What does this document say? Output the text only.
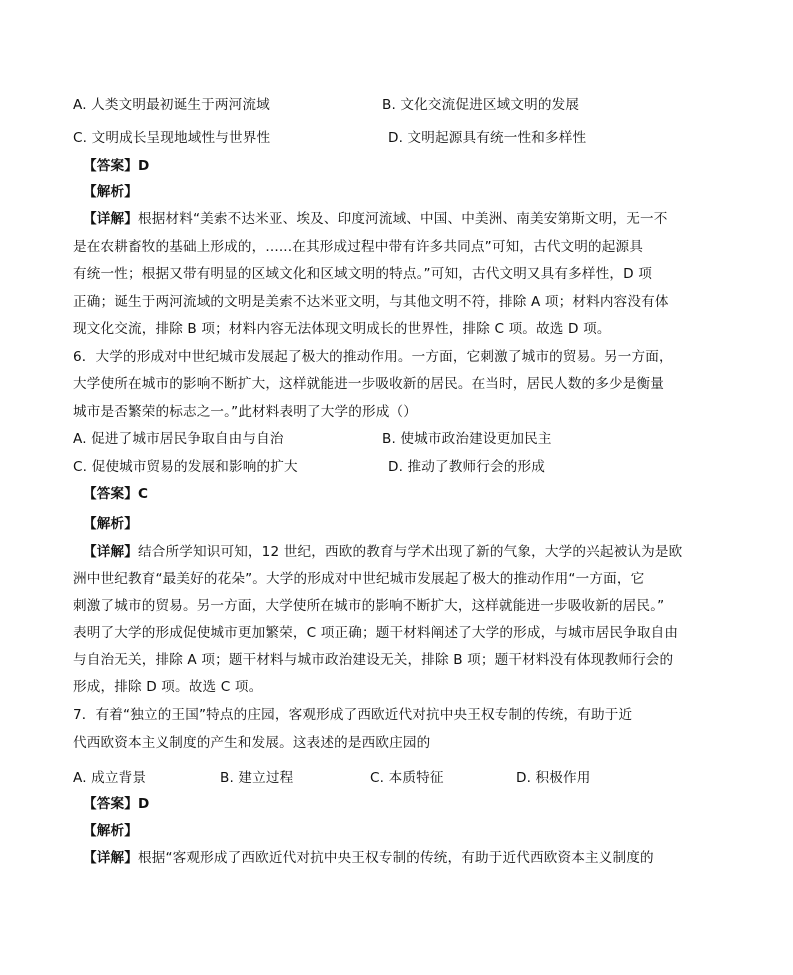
A. 人类文明最初诞生于两河流域	B. 文化交流促进区域文明的发展
C. 文明成长呈现地域性与世界性	D. 文明起源具有统一性和多样性
【答案】D
【解析】
【详解】根据材料“美索不达米亚、埃及、印度河流域、中国、中美洲、南美安第斯文明，无一不
是在农耕畜牧的基础上形成的，......在其形成过程中带有许多共同点”可知，古代文明的起源具
有统一性；根据又带有明显的区域文化和区域文明的特点。”可知，古代文明又具有多样性，D 项
正确；诞生于两河流域的文明是美索不达米亚文明，与其他文明不符，排除 A 项；材料内容没有体
现文化交流，排除 B 项；材料内容无法体现文明成长的世界性，排除 C 项。故选 D 项。
6．大学的形成对中世纪城市发展起了极大的推动作用。一方面，它刺激了城市的贸易。另一方面，
大学使所在城市的影响不断扩大，这样就能进一步吸收新的居民。在当时，居民人数的多少是衡量
城市是否繁荣的标志之一。”此材料表明了大学的形成（）
A. 促进了城市居民争取自由与自治	B. 使城市政治建设更加民主
C. 促使城市贸易的发展和影响的扩大	D. 推动了教师行会的形成
【答案】C
【解析】
【详解】结合所学知识可知，12 世纪，西欧的教育与学术出现了新的气象，大学的兴起被认为是欧
洲中世纪教育“最美好的花朵”。大学的形成对中世纪城市发展起了极大的推动作用“一方面，它
刺激了城市的贸易。另一方面，大学使所在城市的影响不断扩大，这样就能进一步吸收新的居民。”
表明了大学的形成促使城市更加繁荣，C 项正确；题干材料阐述了大学的形成，与城市居民争取自由
与自治无关，排除 A 项；题干材料与城市政治建设无关，排除 B 项；题干材料没有体现教师行会的
形成，排除 D 项。故选 C 项。
7．有着“独立的王国”特点的庄园，客观形成了西欧近代对抗中央王权专制的传统，有助于近
代西欧资本主义制度的产生和发展。这表述的是西欧庄园的
A. 成立背景	B. 建立过程	C. 本质特征	D. 积极作用
【答案】D
【解析】
【详解】根据“客观形成了西欧近代对抗中央王权专制的传统，有助于近代西欧资本主义制度的
